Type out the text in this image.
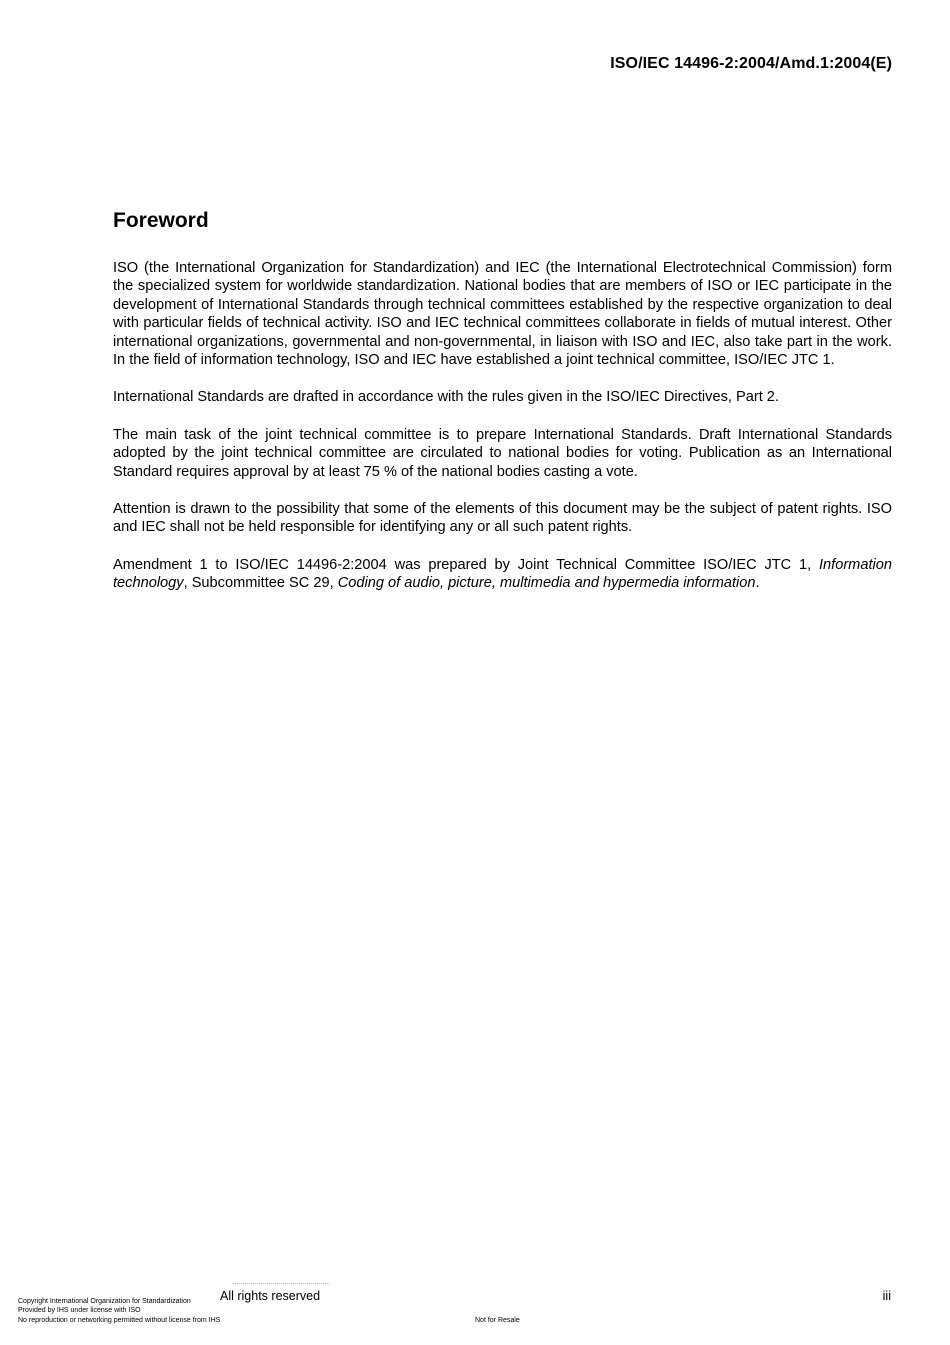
ISO/IEC 14496-2:2004/Amd.1:2004(E)
Foreword

ISO (the International Organization for Standardization) and IEC (the International Electrotechnical Commission) form the specialized system for worldwide standardization. National bodies that are members of ISO or IEC participate in the development of International Standards through technical committees established by the respective organization to deal with particular fields of technical activity. ISO and IEC technical committees collaborate in fields of mutual interest. Other international organizations, governmental and non-governmental, in liaison with ISO and IEC, also take part in the work. In the field of information technology, ISO and IEC have established a joint technical committee, ISO/IEC JTC 1.

International Standards are drafted in accordance with the rules given in the ISO/IEC Directives, Part 2.

The main task of the joint technical committee is to prepare International Standards. Draft International Standards adopted by the joint technical committee are circulated to national bodies for voting. Publication as an International Standard requires approval by at least 75 % of the national bodies casting a vote.

Attention is drawn to the possibility that some of the elements of this document may be the subject of patent rights. ISO and IEC shall not be held responsible for identifying any or all such patent rights.

Amendment 1 to ISO/IEC 14496-2:2004 was prepared by Joint Technical Committee ISO/IEC JTC 1, Information technology, Subcommittee SC 29, Coding of audio, picture, multimedia and hypermedia information.

All rights reserved	iii
Copyright International Organization for Standardization
Provided by IHS under license with ISO
No reproduction or networking permitted without license from IHS	Not for Resale
